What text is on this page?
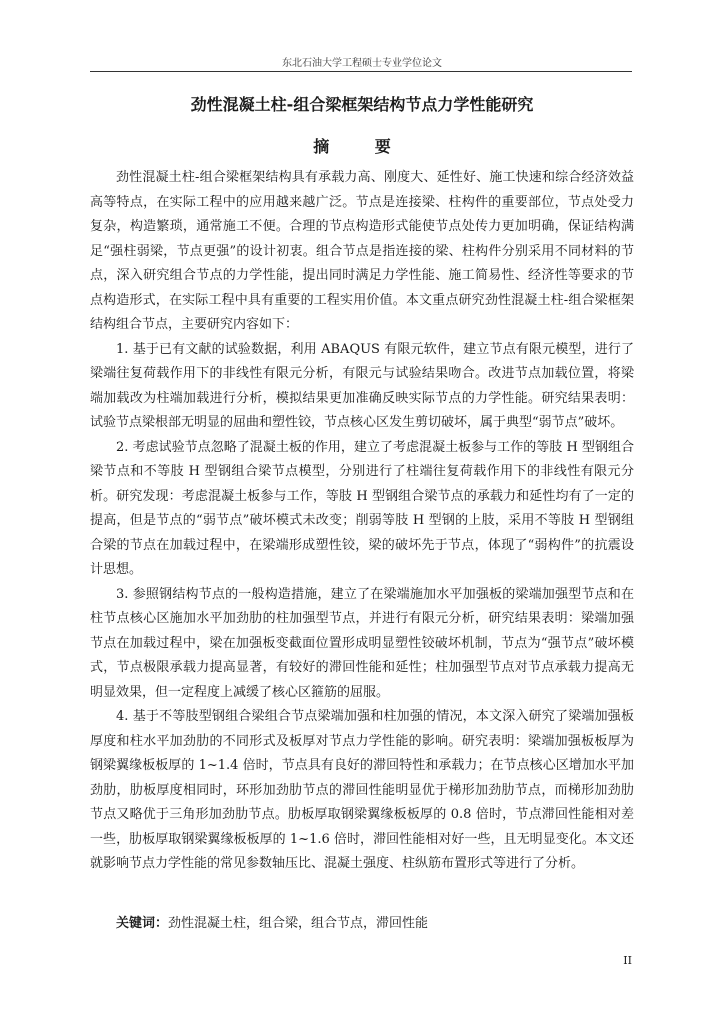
东北石油大学工程硕士专业学位论文
劲性混凝土柱-组合梁框架结构节点力学性能研究
摘 要

劲性混凝土柱-组合梁框架结构具有承载力高、刚度大、延性好、施工快速和综合经济效益高等特点，在实际工程中的应用越来越广泛。节点是连接梁、柱构件的重要部位，节点处受力复杂，构造繁琐，通常施工不便。合理的节点构造形式能使节点处传力更加明确，保证结构满足“强柱弱梁，节点更强”的设计初衷。组合节点是指连接的梁、柱构件分别采用不同材料的节点，深入研究组合节点的力学性能，提出同时满足力学性能、施工简易性、经济性等要求的节点构造形式，在实际工程中具有重要的工程实用价值。本文重点研究劲性混凝土柱-组合梁框架结构组合节点，主要研究内容如下：

1. 基于已有文献的试验数据，利用 ABAQUS 有限元软件，建立节点有限元模型，进行了梁端往复荷载作用下的非线性有限元分析，有限元与试验结果吻合。改进节点加载位置，将梁端加载改为柱端加载进行分析，模拟结果更加准确反映实际节点的力学性能。研究结果表明：试验节点梁根部无明显的屈曲和塑性铰，节点核心区发生剪切破坏，属于典型“弱节点”破坏。

2. 考虑试验节点忽略了混凝土板的作用，建立了考虑混凝土板参与工作的等肢 H 型钢组合梁节点和不等肢 H 型钢组合梁节点模型，分别进行了柱端往复荷载作用下的非线性有限元分析。研究发现：考虑混凝土板参与工作，等肢 H 型钢组合梁节点的承载力和延性均有了一定的提高，但是节点的“弱节点”破坏模式未改变；削弱等肢 H 型钢的上肢，采用不等肢 H 型钢组合梁的节点在加载过程中，在梁端形成塑性铰，梁的破坏先于节点，体现了“弱构件”的抗震设计思想。

3. 参照钢结构节点的一般构造措施，建立了在梁端施加水平加强板的梁端加强型节点和在柱节点核心区施加水平加劲肋的柱加强型节点，并进行有限元分析，研究结果表明：梁端加强节点在加载过程中，梁在加强板变截面位置形成明显塑性铰破坏机制，节点为“强节点”破坏模式，节点极限承载力提高显著，有较好的滞回性能和延性；柱加强型节点对节点承载力提高无明显效果，但一定程度上减缓了核心区箍筋的屈服。

4. 基于不等肢型钢组合梁组合节点梁端加强和柱加强的情况，本文深入研究了梁端加强板厚度和柱水平加劲肋的不同形式及板厚对节点力学性能的影响。研究表明：梁端加强板板厚为钢梁翼缘板板厚的 1~1.4 倍时，节点具有良好的滞回特性和承载力；在节点核心区增加水平加劲肋，肋板厚度相同时，环形加劲肋节点的滞回性能明显优于梯形加劲肋节点，而梯形加劲肋节点又略优于三角形加劲肋节点。肋板厚取钢梁翼缘板板厚的 0.8 倍时，节点滞回性能相对差一些，肋板厚取钢梁翼缘板板厚的 1~1.6 倍时，滞回性能相对好一些，且无明显变化。本文还就影响节点力学性能的常见参数轴压比、混凝土强度、柱纵筋布置形式等进行了分析。

关键词：劲性混凝土柱，组合梁，组合节点，滞回性能
II
